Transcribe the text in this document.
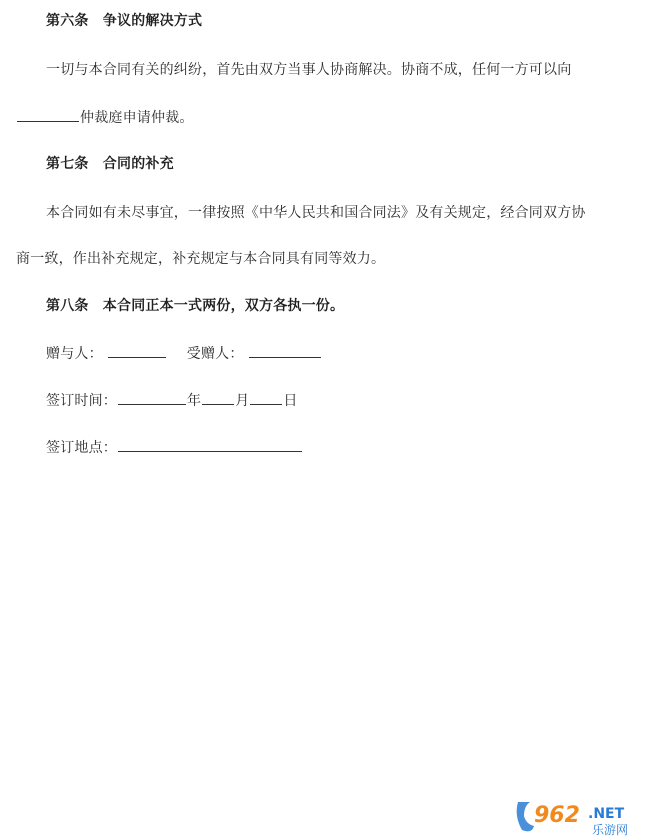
第六条　争议的解决方式
一切与本合同有关的纠纷，首先由双方当事人协商解决。协商不成，任何一方可以向
仲裁庭申请仲裁。
第七条　合同的补充
本合同如有未尽事宜，一律按照《中华人民共和国合同法》及有关规定，经合同双方协
商一致，作出补充规定，补充规定与本合同具有同等效力。
第八条　本合同正本一式两份，双方各执一份。
赠与人：	受赠人：
签订时间：	年 月 日
签订地点：
962 .NET
乐游网
